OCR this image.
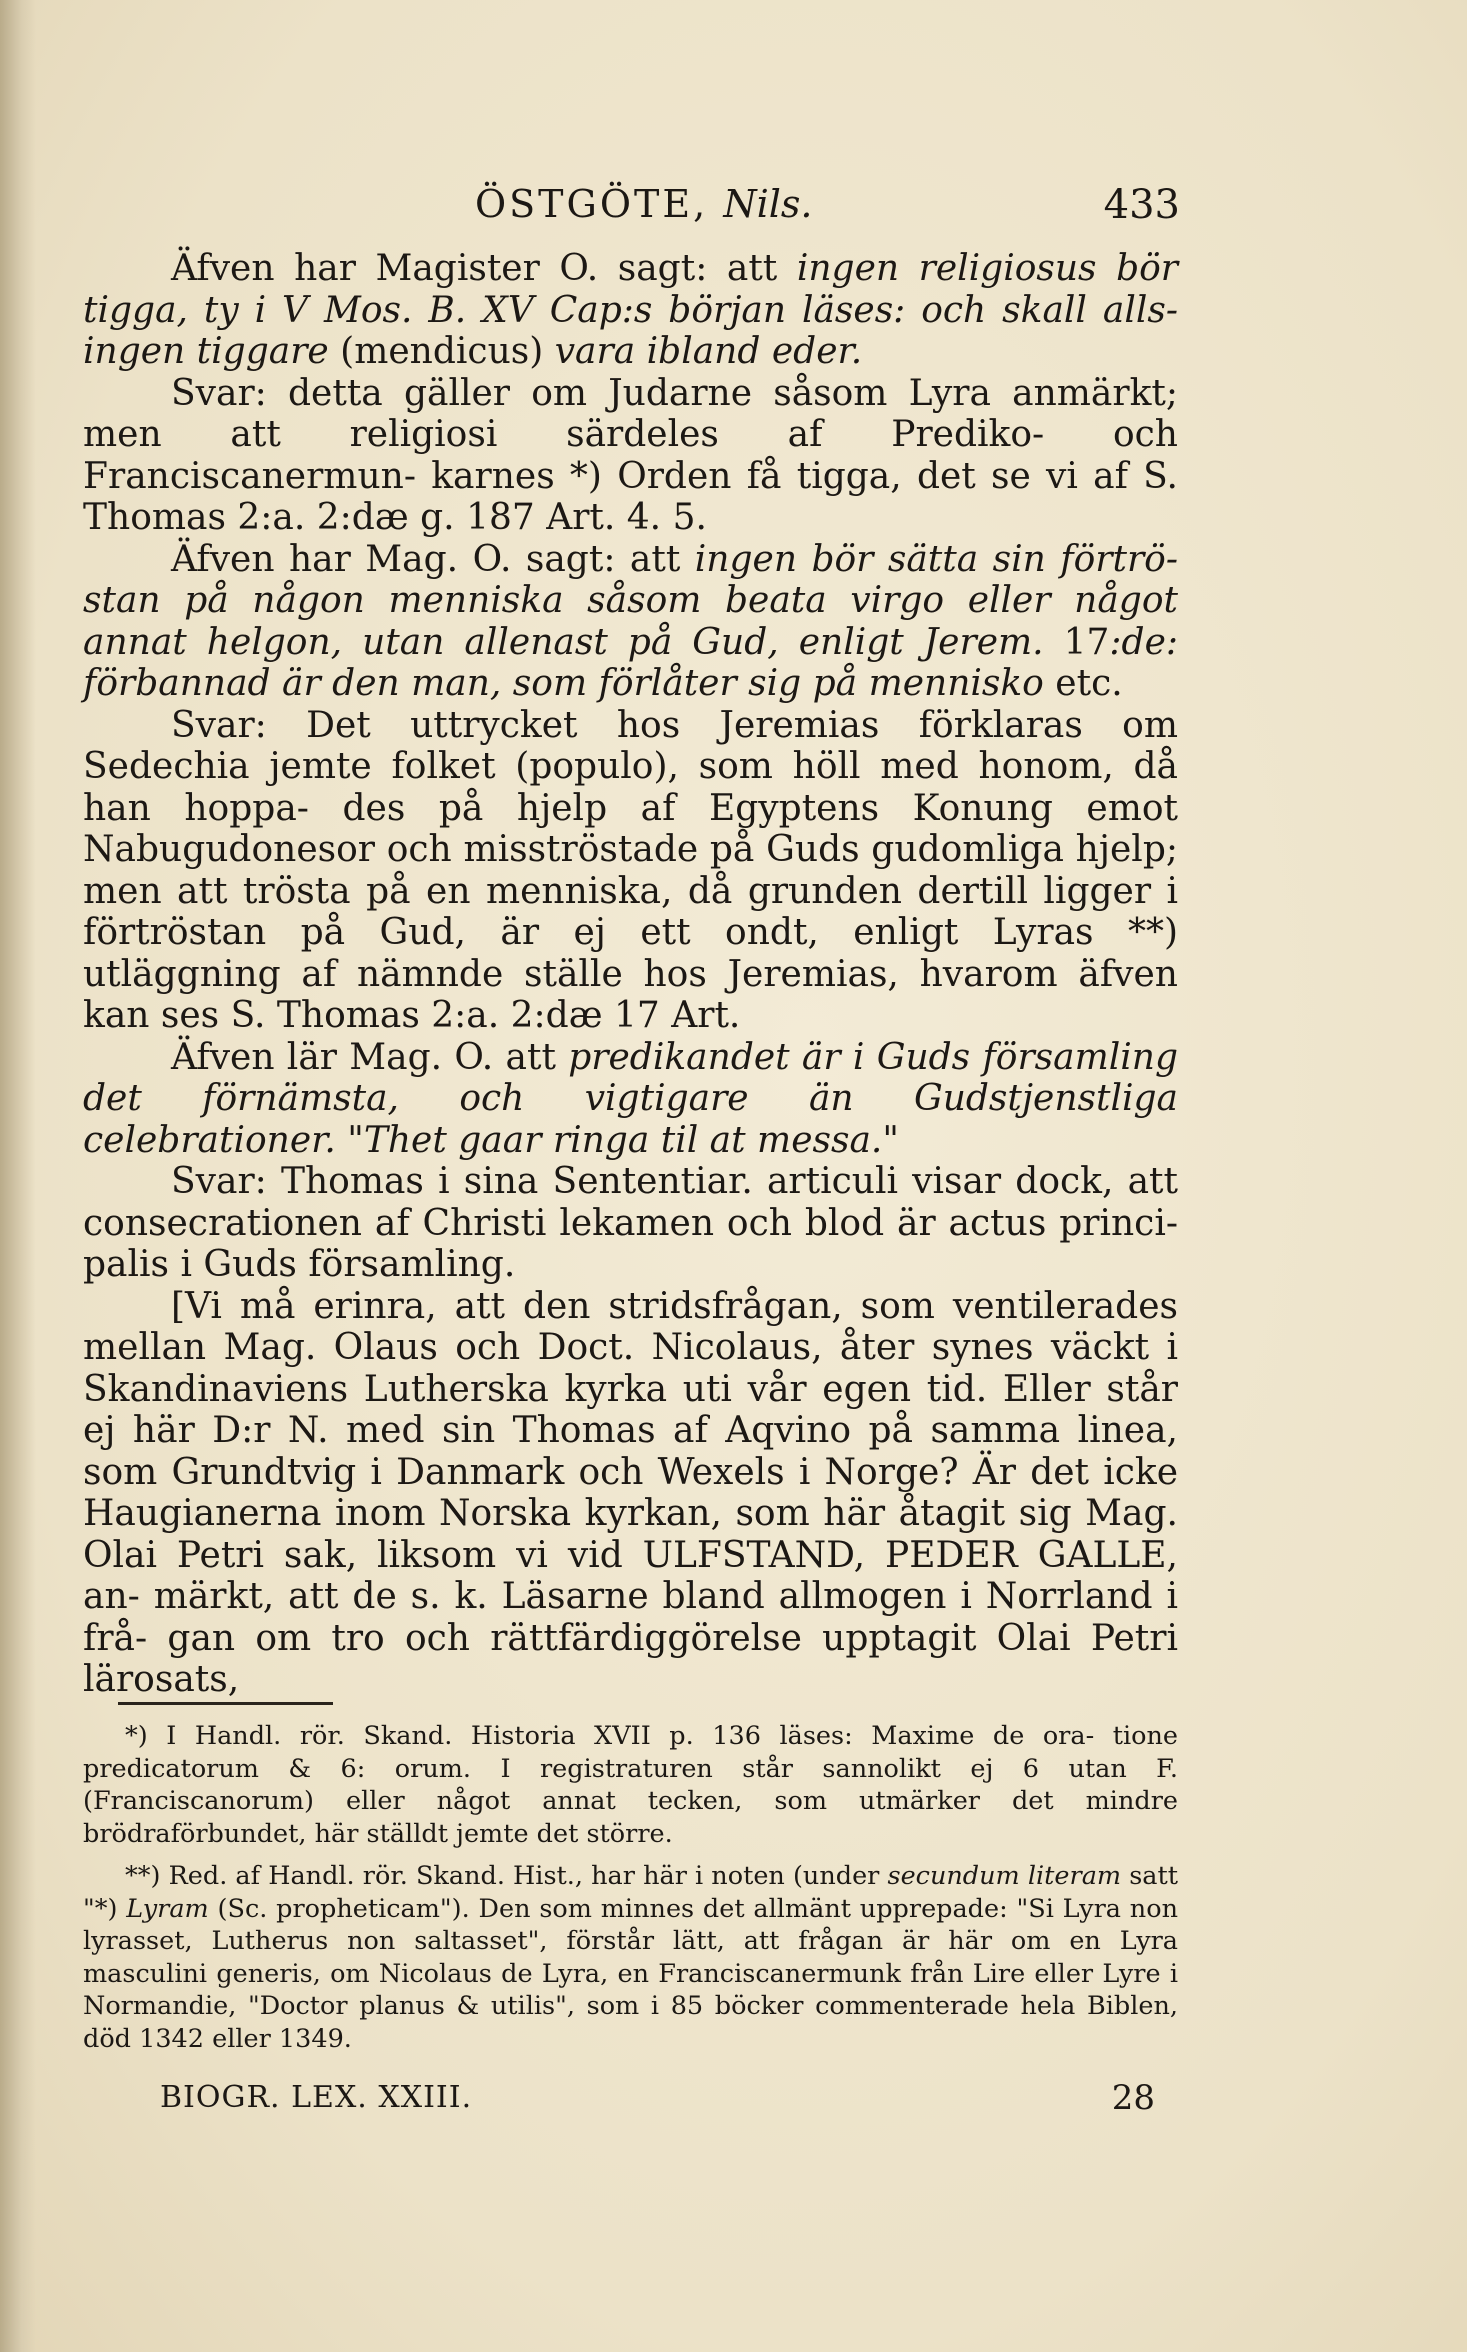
ÖSTGÖTE, Nils.	433

Äfven har Magister O. sagt: att ingen religiosus bör tigga, ty i V Mos. B. XV Cap:s början läses: och skall alls- ingen tiggare (mendicus) vara ibland eder.

Svar: detta gäller om Judarne såsom Lyra anmärkt; men att religiosi särdeles af Prediko- och Franciscanermun- karnes *) Orden få tigga, det se vi af S. Thomas 2:a. 2:dæ g. 187 Art. 4. 5.

Äfven har Mag. O. sagt: att ingen bör sätta sin förtrö- stan på någon menniska såsom beata virgo eller något annat helgon, utan allenast på Gud, enligt Jerem. 17:de: förbannad är den man, som förlåter sig på mennisko etc.

Svar: Det uttrycket hos Jeremias förklaras om Sedechia jemte folket (populo), som höll med honom, då han hoppa- des på hjelp af Egyptens Konung emot Nabugudonesor och misströstade på Guds gudomliga hjelp; men att trösta på en menniska, då grunden dertill ligger i förtröstan på Gud, är ej ett ondt, enligt Lyras **) utläggning af nämnde ställe hos Jeremias, hvarom äfven kan ses S. Thomas 2:a. 2:dæ 17 Art.

Äfven lär Mag. O. att predikandet är i Guds församling det förnämsta, och vigtigare än Gudstjenstliga celebrationer. "Thet gaar ringa til at messa."

Svar: Thomas i sina Sententiar. articuli visar dock, att consecrationen af Christi lekamen och blod är actus princi- palis i Guds församling.

[Vi må erinra, att den stridsfrågan, som ventilerades mellan Mag. Olaus och Doct. Nicolaus, åter synes väckt i Skandinaviens Lutherska kyrka uti vår egen tid. Eller står ej här D:r N. med sin Thomas af Aqvino på samma linea, som Grundtvig i Danmark och Wexels i Norge? Är det icke Haugianerna inom Norska kyrkan, som här åtagit sig Mag. Olai Petri sak, liksom vi vid ULFSTAND, PEDER GALLE, an- märkt, att de s. k. Läsarne bland allmogen i Norrland i frå- gan om tro och rättfärdiggörelse upptagit Olai Petri lärosats,

*) I Handl. rör. Skand. Historia XVII p. 136 läses: Maxime de ora- tione predicatorum & 6: orum. I registraturen står sannolikt ej 6 utan F. (Franciscanorum) eller något annat tecken, som utmärker det mindre brödraförbundet, här ställdt jemte det större.

**) Red. af Handl. rör. Skand. Hist., har här i noten (under secundum literam satt "*) Lyram (Sc. propheticam"). Den som minnes det allmänt upprepade: "Si Lyra non lyrasset, Lutherus non saltasset", förstår lätt, att frågan är här om en Lyra masculini generis, om Nicolaus de Lyra, en Franciscanermunk från Lire eller Lyre i Normandie, "Doctor planus & utilis", som i 85 böcker commenterade hela Biblen, död 1342 eller 1349.

BIOGR. LEX. XXIII.	28
